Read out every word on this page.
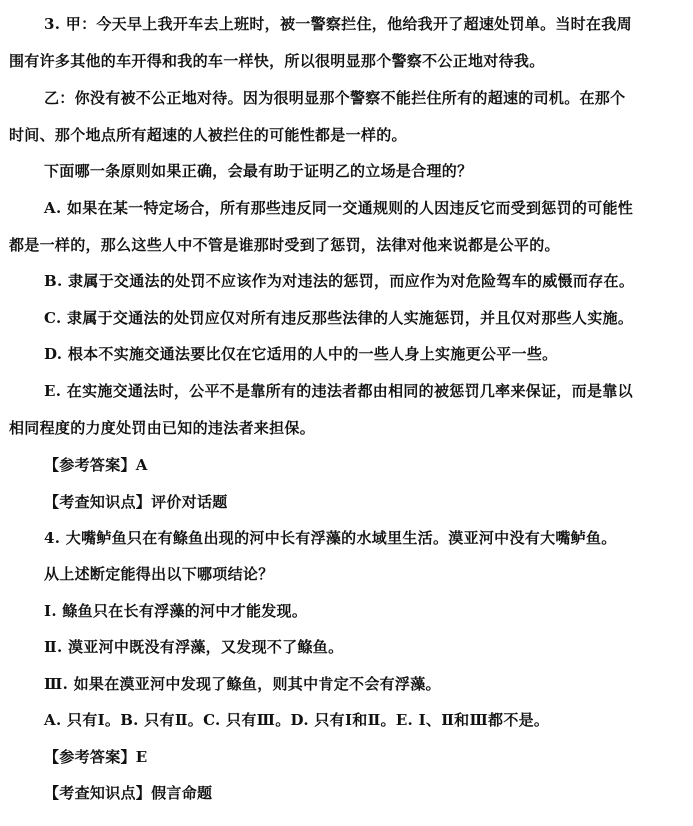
3. 甲：今天早上我开车去上班时，被一警察拦住，他给我开了超速处罚单。当时在我周
围有许多其他的车开得和我的车一样快，所以很明显那个警察不公正地对待我。
乙：你没有被不公正地对待。因为很明显那个警察不能拦住所有的超速的司机。在那个
时间、那个地点所有超速的人被拦住的可能性都是一样的。
下面哪一条原则如果正确，会最有助于证明乙的立场是合理的？
A. 如果在某一特定场合，所有那些违反同一交通规则的人因违反它而受到惩罚的可能性
都是一样的，那么这些人中不管是谁那时受到了惩罚，法律对他来说都是公平的。
B. 隶属于交通法的处罚不应该作为对违法的惩罚，而应作为对危险驾车的威慑而存在。
C. 隶属于交通法的处罚应仅对所有违反那些法律的人实施惩罚，并且仅对那些人实施。
D. 根本不实施交通法要比仅在它适用的人中的一些人身上实施更公平一些。
E. 在实施交通法时，公平不是靠所有的违法者都由相同的被惩罚几率来保证，而是靠以
相同程度的力度处罚由已知的违法者来担保。
【参考答案】A
【考查知识点】评价对话题
4. 大嘴鲈鱼只在有鲦鱼出现的河中长有浮藻的水域里生活。漠亚河中没有大嘴鲈鱼。
从上述断定能得出以下哪项结论？
Ⅰ. 鲦鱼只在长有浮藻的河中才能发现。
Ⅱ. 漠亚河中既没有浮藻，又发现不了鲦鱼。
Ⅲ. 如果在漠亚河中发现了鲦鱼，则其中肯定不会有浮藻。
A. 只有Ⅰ。B. 只有Ⅱ。C. 只有Ⅲ。D. 只有Ⅰ和Ⅱ。E. Ⅰ、Ⅱ和Ⅲ都不是。
【参考答案】E
【考查知识点】假言命题
